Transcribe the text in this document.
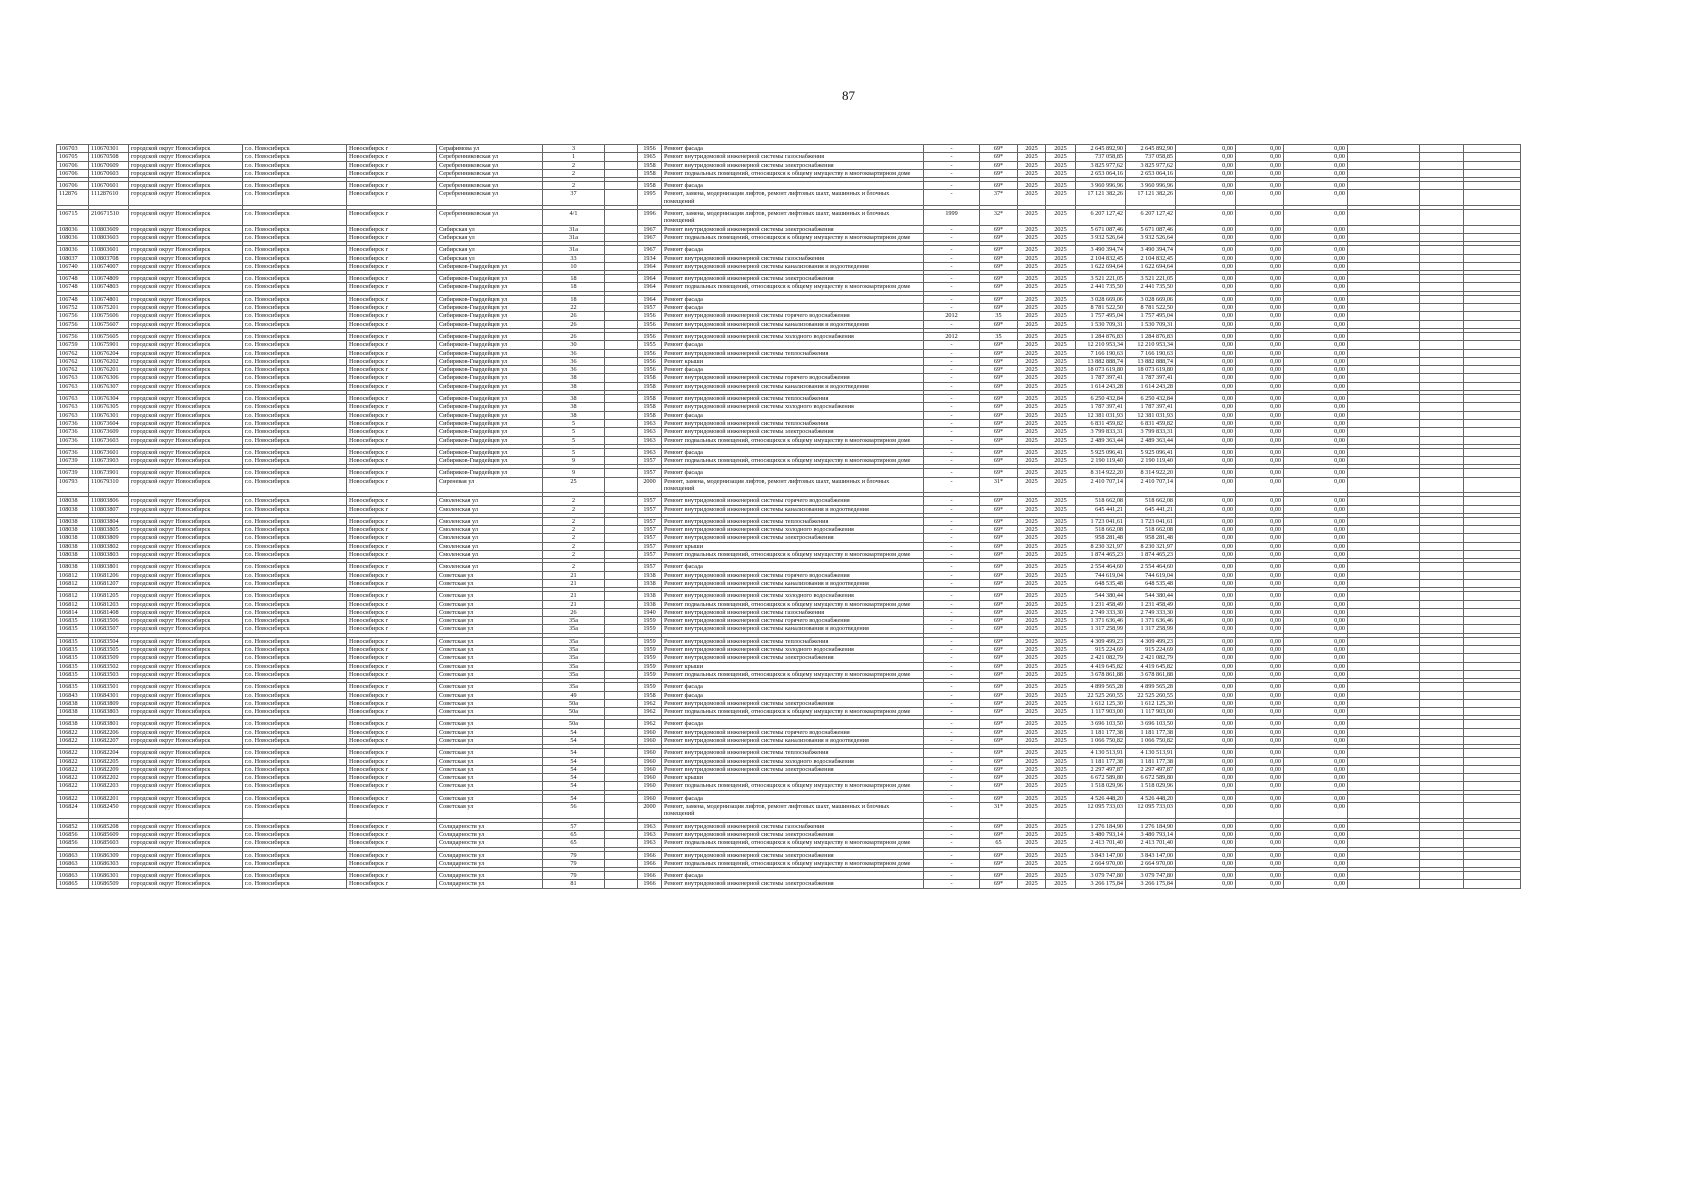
87
106703	110670301	городской округ Новосибирск	г.о. Новосибирск	Новосибирск г	Серафимова ул	3		1956	Ремонт фасада	-	69*	2025	2025	2 645 892,90	2 645 892,90	0,00	0,00	0,00			
106705	110670508	городской округ Новосибирск	г.о. Новосибирск	Новосибирск г	Серебренниковская ул	1		1965	Ремонт внутридомовой инженерной системы газоснабжения	-	69*	2025	2025	737 058,85	737 058,85	0,00	0,00	0,00			
106706	110670609	городской округ Новосибирск	г.о. Новосибирск	Новосибирск г	Серебренниковская ул	2		1958	Ремонт внутридомовой инженерной системы электроснабжения	-	69*	2025	2025	3 825 977,62	3 825 977,62	0,00	0,00	0,00			
106706	110670603	городской округ Новосибирск	г.о. Новосибирск	Новосибирск г	Серебренниковская ул	2		1958	Ремонт подвальных помещений, относящихся к общему имуществу в многоквартирном доме	-	69*	2025	2025	2 653 064,16	2 653 064,16	0,00	0,00	0,00			

106706	110670601	городской округ Новосибирск	г.о. Новосибирск	Новосибирск г	Серебренниковская ул	2		1958	Ремонт фасада	-	69*	2025	2025	3 960 996,96	3 960 996,96	0,00	0,00	0,00			
112876	111287610	городской округ Новосибирск	г.о. Новосибирск	Новосибирск г	Серебренниковская ул	37		1995	Ремонт, замена, модернизация лифтов, ремонт лифтовых шахт, машинных и блочных помещений	-	37*	2025	2025	17 121 382,26	17 121 382,26	0,00	0,00	0,00			

106715	210671510	городской округ Новосибирск	г.о. Новосибирск	Новосибирск г	Серебренниковская ул	4/1		1996	Ремонт, замена, модернизация лифтов, ремонт лифтовых шахт, машинных и блочных помещений	1999	32*	2025	2025	6 207 127,42	6 207 127,42	0,00	0,00	0,00			
108036	110803609	городской округ Новосибирск	г.о. Новосибирск	Новосибирск г	Сибирская ул	31а		1967	Ремонт внутридомовой инженерной системы электроснабжения	-	69*	2025	2025	5 671 087,46	5 671 087,46	0,00	0,00	0,00			
108036	110803603	городской округ Новосибирск	г.о. Новосибирск	Новосибирск г	Сибирская ул	31а		1967	Ремонт подвальных помещений, относящихся к общему имуществу в многоквартирном доме	-	69*	2025	2025	3 932 526,64	3 932 526,64	0,00	0,00	0,00			

108036	110803601	городской округ Новосибирск	г.о. Новосибирск	Новосибирск г	Сибирская ул	31а		1967	Ремонт фасада	-	69*	2025	2025	3 490 394,74	3 490 394,74	0,00	0,00	0,00			
108037	110803708	городской округ Новосибирск	г.о. Новосибирск	Новосибирск г	Сибирская ул	33		1934	Ремонт внутридомовой инженерной системы газоснабжения	-	69*	2025	2025	2 104 832,45	2 104 832,45	0,00	0,00	0,00			
106740	110674007	городской округ Новосибирск	г.о. Новосибирск	Новосибирск г	Сибиряков-Гвардейцев ул	10		1964	Ремонт внутридомовой инженерной системы канализования и водоотведения	-	69*	2025	2025	1 622 694,64	1 622 694,64	0,00	0,00	0,00			

106748	110674809	городской округ Новосибирск	г.о. Новосибирск	Новосибирск г	Сибиряков-Гвардейцев ул	18		1964	Ремонт внутридомовой инженерной системы электроснабжения	-	69*	2025	2025	3 521 221,05	3 521 221,05	0,00	0,00	0,00			
106748	110674803	городской округ Новосибирск	г.о. Новосибирск	Новосибирск г	Сибиряков-Гвардейцев ул	18		1964	Ремонт подвальных помещений, относящихся к общему имуществу в многоквартирном доме	-	69*	2025	2025	2 441 735,50	2 441 735,50	0,00	0,00	0,00			

106748	110674801	городской округ Новосибирск	г.о. Новосибирск	Новосибирск г	Сибиряков-Гвардейцев ул	18		1964	Ремонт фасада	-	69*	2025	2025	3 028 669,06	3 028 669,06	0,00	0,00	0,00			
106752	110675201	городской округ Новосибирск	г.о. Новосибирск	Новосибирск г	Сибиряков-Гвардейцев ул	22		1957	Ремонт фасада	-	69*	2025	2025	8 781 522,50	8 781 522,50	0,00	0,00	0,00			
106756	110675606	городской округ Новосибирск	г.о. Новосибирск	Новосибирск г	Сибиряков-Гвардейцев ул	26		1956	Ремонт внутридомовой инженерной системы горячего водоснабжения	2012	35	2025	2025	1 757 495,04	1 757 495,04	0,00	0,00	0,00			
106756	110675607	городской округ Новосибирск	г.о. Новосибирск	Новосибирск г	Сибиряков-Гвардейцев ул	26		1956	Ремонт внутридомовой инженерной системы канализования и водоотведения	-	69*	2025	2025	1 530 709,31	1 530 709,31	0,00	0,00	0,00			

106756	110675605	городской округ Новосибирск	г.о. Новосибирск	Новосибирск г	Сибиряков-Гвардейцев ул	26		1956	Ремонт внутридомовой инженерной системы холодного водоснабжения	2012	35	2025	2025	1 284 876,83	1 284 876,83	0,00	0,00	0,00			
106759	110675901	городской округ Новосибирск	г.о. Новосибирск	Новосибирск г	Сибиряков-Гвардейцев ул	30		1955	Ремонт фасада	-	69*	2025	2025	12 210 953,34	12 210 953,34	0,00	0,00	0,00			
106762	110676204	городской округ Новосибирск	г.о. Новосибирск	Новосибирск г	Сибиряков-Гвардейцев ул	36		1956	Ремонт внутридомовой инженерной системы теплоснабжения	-	69*	2025	2025	7 166 190,63	7 166 190,63	0,00	0,00	0,00			
106762	110676202	городской округ Новосибирск	г.о. Новосибирск	Новосибирск г	Сибиряков-Гвардейцев ул	36		1956	Ремонт крыши	-	69*	2025	2025	13 882 888,74	13 882 888,74	0,00	0,00	0,00			
106762	110676201	городской округ Новосибирск	г.о. Новосибирск	Новосибирск г	Сибиряков-Гвардейцев ул	36		1956	Ремонт фасада	-	69*	2025	2025	18 073 619,80	18 073 619,80	0,00	0,00	0,00			
106763	110676306	городской округ Новосибирск	г.о. Новосибирск	Новосибирск г	Сибиряков-Гвардейцев ул	38		1958	Ремонт внутридомовой инженерной системы горячего водоснабжения	-	69*	2025	2025	1 787 397,41	1 787 397,41	0,00	0,00	0,00			
106763	110676307	городской округ Новосибирск	г.о. Новосибирск	Новосибирск г	Сибиряков-Гвардейцев ул	38		1958	Ремонт внутридомовой инженерной системы канализования и водоотведения	-	69*	2025	2025	1 614 243,28	1 614 243,28	0,00	0,00	0,00			

106763	110676304	городской округ Новосибирск	г.о. Новосибирск	Новосибирск г	Сибиряков-Гвардейцев ул	38		1958	Ремонт внутридомовой инженерной системы теплоснабжения	-	69*	2025	2025	6 250 432,84	6 250 432,84	0,00	0,00	0,00			
106763	110676305	городской округ Новосибирск	г.о. Новосибирск	Новосибирск г	Сибиряков-Гвардейцев ул	38		1958	Ремонт внутридомовой инженерной системы холодного водоснабжения	-	69*	2025	2025	1 787 397,41	1 787 397,41	0,00	0,00	0,00			
106763	110676301	городской округ Новосибирск	г.о. Новосибирск	Новосибирск г	Сибиряков-Гвардейцев ул	38		1958	Ремонт фасада	-	69*	2025	2025	12 381 031,93	12 381 031,93	0,00	0,00	0,00			
106736	110673604	городской округ Новосибирск	г.о. Новосибирск	Новосибирск г	Сибиряков-Гвардейцев ул	5		1963	Ремонт внутридомовой инженерной системы теплоснабжения	-	69*	2025	2025	6 831 459,82	6 831 459,82	0,00	0,00	0,00			
106736	110673609	городской округ Новосибирск	г.о. Новосибирск	Новосибирск г	Сибиряков-Гвардейцев ул	5		1963	Ремонт внутридомовой инженерной системы электроснабжения	-	69*	2025	2025	3 799 833,31	3 799 833,31	0,00	0,00	0,00			
106736	110673603	городской округ Новосибирск	г.о. Новосибирск	Новосибирск г	Сибиряков-Гвардейцев ул	5		1963	Ремонт подвальных помещений, относящихся к общему имуществу в многоквартирном доме	-	69*	2025	2025	2 489 363,44	2 489 363,44	0,00	0,00	0,00			

106736	110673601	городской округ Новосибирск	г.о. Новосибирск	Новосибирск г	Сибиряков-Гвардейцев ул	5		1963	Ремонт фасада	-	69*	2025	2025	5 925 096,41	5 925 096,41	0,00	0,00	0,00			
106739	110673903	городской округ Новосибирск	г.о. Новосибирск	Новосибирск г	Сибиряков-Гвардейцев ул	9		1957	Ремонт подвальных помещений, относящихся к общему имуществу в многоквартирном доме	-	69*	2025	2025	2 190 119,40	2 190 119,40	0,00	0,00	0,00			

106739	110673901	городской округ Новосибирск	г.о. Новосибирск	Новосибирск г	Сибиряков-Гвардейцев ул	9		1957	Ремонт фасада	-	69*	2025	2025	8 314 922,20	8 314 922,20	0,00	0,00	0,00			
106793	110679310	городской округ Новосибирск	г.о. Новосибирск	Новосибирск г	Сиреневая ул	25		2000	Ремонт, замена, модернизация лифтов, ремонт лифтовых шахт, машинных и блочных помещений	-	31*	2025	2025	2 410 707,14	2 410 707,14	0,00	0,00	0,00			

108038	110803806	городской округ Новосибирск	г.о. Новосибирск	Новосибирск г	Смоленская ул	2		1957	Ремонт внутридомовой инженерной системы горячего водоснабжения	-	69*	2025	2025	518 662,08	518 662,08	0,00	0,00	0,00			
108038	110803807	городской округ Новосибирск	г.о. Новосибирск	Новосибирск г	Смоленская ул	2		1957	Ремонт внутридомовой инженерной системы канализования и водоотведения	-	69*	2025	2025	645 441,21	645 441,21	0,00	0,00	0,00			

108038	110803804	городской округ Новосибирск	г.о. Новосибирск	Новосибирск г	Смоленская ул	2		1957	Ремонт внутридомовой инженерной системы теплоснабжения	-	69*	2025	2025	1 723 041,61	1 723 041,61	0,00	0,00	0,00			
108038	110803805	городской округ Новосибирск	г.о. Новосибирск	Новосибирск г	Смоленская ул	2		1957	Ремонт внутридомовой инженерной системы холодного водоснабжения	-	69*	2025	2025	518 662,08	518 662,08	0,00	0,00	0,00			
108038	110803809	городской округ Новосибирск	г.о. Новосибирск	Новосибирск г	Смоленская ул	2		1957	Ремонт внутридомовой инженерной системы электроснабжения	-	69*	2025	2025	958 281,48	958 281,48	0,00	0,00	0,00			
108038	110803802	городской округ Новосибирск	г.о. Новосибирск	Новосибирск г	Смоленская ул	2		1957	Ремонт крыши	-	69*	2025	2025	8 230 321,97	8 230 321,97	0,00	0,00	0,00			
108038	110803803	городской округ Новосибирск	г.о. Новосибирск	Новосибирск г	Смоленская ул	2		1957	Ремонт подвальных помещений, относящихся к общему имуществу в многоквартирном доме	-	69*	2025	2025	1 874 465,23	1 874 465,23	0,00	0,00	0,00			

108038	110803801	городской округ Новосибирск	г.о. Новосибирск	Новосибирск г	Смоленская ул	2		1957	Ремонт фасада	-	69*	2025	2025	2 554 464,60	2 554 464,60	0,00	0,00	0,00			
106812	110681206	городской округ Новосибирск	г.о. Новосибирск	Новосибирск г	Советская ул	21		1938	Ремонт внутридомовой инженерной системы горячего водоснабжения	-	69*	2025	2025	744 619,04	744 619,04	0,00	0,00	0,00			
106812	110681207	городской округ Новосибирск	г.о. Новосибирск	Новосибирск г	Советская ул	21		1938	Ремонт внутридомовой инженерной системы канализования и водоотведения	-	69*	2025	2025	648 535,48	648 535,48	0,00	0,00	0,00			

106812	110681205	городской округ Новосибирск	г.о. Новосибирск	Новосибирск г	Советская ул	21		1938	Ремонт внутридомовой инженерной системы холодного водоснабжения	-	69*	2025	2025	544 380,44	544 380,44	0,00	0,00	0,00			
106812	110681203	городской округ Новосибирск	г.о. Новосибирск	Новосибирск г	Советская ул	21		1938	Ремонт подвальных помещений, относящихся к общему имуществу в многоквартирном доме	-	69*	2025	2025	1 231 458,49	1 231 458,49	0,00	0,00	0,00			
106814	110681408	городской округ Новосибирск	г.о. Новосибирск	Новосибирск г	Советская ул	26		1940	Ремонт внутридомовой инженерной системы газоснабжения	-	69*	2025	2025	2 749 333,30	2 749 333,30	0,00	0,00	0,00			
106835	110683506	городской округ Новосибирск	г.о. Новосибирск	Новосибирск г	Советская ул	35а		1959	Ремонт внутридомовой инженерной системы горячего водоснабжения	-	69*	2025	2025	1 371 636,46	1 371 636,46	0,00	0,00	0,00			
106835	110683507	городской округ Новосибирск	г.о. Новосибирск	Новосибирск г	Советская ул	35а		1959	Ремонт внутридомовой инженерной системы канализования и водоотведения	-	69*	2025	2025	1 317 258,99	1 317 258,99	0,00	0,00	0,00			

106835	110683504	городской округ Новосибирск	г.о. Новосибирск	Новосибирск г	Советская ул	35а		1959	Ремонт внутридомовой инженерной системы теплоснабжения	-	69*	2025	2025	4 309 499,23	4 309 499,23	0,00	0,00	0,00			
106835	110683505	городской округ Новосибирск	г.о. Новосибирск	Новосибирск г	Советская ул	35а		1959	Ремонт внутридомовой инженерной системы холодного водоснабжения	-	69*	2025	2025	915 224,69	915 224,69	0,00	0,00	0,00			
106835	110683509	городской округ Новосибирск	г.о. Новосибирск	Новосибирск г	Советская ул	35а		1959	Ремонт внутридомовой инженерной системы электроснабжения	-	69*	2025	2025	2 421 082,79	2 421 082,79	0,00	0,00	0,00			
106835	110683502	городской округ Новосибирск	г.о. Новосибирск	Новосибирск г	Советская ул	35а		1959	Ремонт крыши	-	69*	2025	2025	4 419 645,82	4 419 645,82	0,00	0,00	0,00			
106835	110683503	городской округ Новосибирск	г.о. Новосибирск	Новосибирск г	Советская ул	35а		1959	Ремонт подвальных помещений, относящихся к общему имуществу в многоквартирном доме	-	69*	2025	2025	3 678 861,88	3 678 861,88	0,00	0,00	0,00			

106835	110683501	городской округ Новосибирск	г.о. Новосибирск	Новосибирск г	Советская ул	35а		1959	Ремонт фасада	-	69*	2025	2025	4 899 565,28	4 899 565,28	0,00	0,00	0,00			
106843	110684301	городской округ Новосибирск	г.о. Новосибирск	Новосибирск г	Советская ул	49		1958	Ремонт фасада	-	69*	2025	2025	22 525 260,55	22 525 260,55	0,00	0,00	0,00			
106838	110683809	городской округ Новосибирск	г.о. Новосибирск	Новосибирск г	Советская ул	50а		1962	Ремонт внутридомовой инженерной системы электроснабжения	-	69*	2025	2025	1 612 125,30	1 612 125,30	0,00	0,00	0,00			
106838	110683803	городской округ Новосибирск	г.о. Новосибирск	Новосибирск г	Советская ул	50а		1962	Ремонт подвальных помещений, относящихся к общему имуществу в многоквартирном доме	-	69*	2025	2025	1 117 903,00	1 117 903,00	0,00	0,00	0,00			

106838	110683801	городской округ Новосибирск	г.о. Новосибирск	Новосибирск г	Советская ул	50а		1962	Ремонт фасада	-	69*	2025	2025	3 696 103,50	3 696 103,50	0,00	0,00	0,00			
106822	110682206	городской округ Новосибирск	г.о. Новосибирск	Новосибирск г	Советская ул	54		1960	Ремонт внутридомовой инженерной системы горячего водоснабжения	-	69*	2025	2025	1 181 177,38	1 181 177,38	0,00	0,00	0,00			
106822	110682207	городской округ Новосибирск	г.о. Новосибирск	Новосибирск г	Советская ул	54		1960	Ремонт внутридомовой инженерной системы канализования и водоотведения	-	69*	2025	2025	1 066 750,82	1 066 750,82	0,00	0,00	0,00			

106822	110682204	городской округ Новосибирск	г.о. Новосибирск	Новосибирск г	Советская ул	54		1960	Ремонт внутридомовой инженерной системы теплоснабжения	-	69*	2025	2025	4 130 513,91	4 130 513,91	0,00	0,00	0,00			
106822	110682205	городской округ Новосибирск	г.о. Новосибирск	Новосибирск г	Советская ул	54		1960	Ремонт внутридомовой инженерной системы холодного водоснабжения	-	69*	2025	2025	1 181 177,38	1 181 177,38	0,00	0,00	0,00			
106822	110682209	городской округ Новосибирск	г.о. Новосибирск	Новосибирск г	Советская ул	54		1960	Ремонт внутридомовой инженерной системы электроснабжения	-	69*	2025	2025	2 297 497,87	2 297 497,87	0,00	0,00	0,00			
106822	110682202	городской округ Новосибирск	г.о. Новосибирск	Новосибирск г	Советская ул	54		1960	Ремонт крыши	-	69*	2025	2025	6 672 589,80	6 672 589,80	0,00	0,00	0,00			
106822	110682203	городской округ Новосибирск	г.о. Новосибирск	Новосибирск г	Советская ул	54		1960	Ремонт подвальных помещений, относящихся к общему имуществу в многоквартирном доме	-	69*	2025	2025	1 518 029,96	1 518 029,96	0,00	0,00	0,00			

106822	110682201	городской округ Новосибирск	г.о. Новосибирск	Новосибирск г	Советская ул	54		1960	Ремонт фасада	-	69*	2025	2025	4 526 448,20	4 526 448,20	0,00	0,00	0,00			
106824	110682450	городской округ Новосибирск	г.о. Новосибирск	Новосибирск г	Советская ул	56		2000	Ремонт, замена, модернизация лифтов, ремонт лифтовых шахт, машинных и блочных помещений	-	31*	2025	2025	12 095 733,03	12 095 733,03	0,00	0,00	0,00			

106852	110685208	городской округ Новосибирск	г.о. Новосибирск	Новосибирск г	Солидарности ул	57		1963	Ремонт внутридомовой инженерной системы газоснабжения	-	69*	2025	2025	1 276 184,90	1 276 184,90	0,00	0,00	0,00			
106856	110685609	городской округ Новосибирск	г.о. Новосибирск	Новосибирск г	Солидарности ул	65		1963	Ремонт внутридомовой инженерной системы электроснабжения	-	69*	2025	2025	3 480 793,14	3 480 793,14	0,00	0,00	0,00			
106856	110685603	городской округ Новосибирск	г.о. Новосибирск	Новосибирск г	Солидарности ул	65		1963	Ремонт подвальных помещений, относящихся к общему имуществу в многоквартирном доме	-	65	2025	2025	2 413 701,40	2 413 701,40	0,00	0,00	0,00			

106863	110686309	городской округ Новосибирск	г.о. Новосибирск	Новосибирск г	Солидарности ул	79		1966	Ремонт внутридомовой инженерной системы электроснабжения	-	69*	2025	2025	3 843 147,00	3 843 147,00	0,00	0,00	0,00			
106863	110686303	городской округ Новосибирск	г.о. Новосибирск	Новосибирск г	Солидарности ул	79		1966	Ремонт подвальных помещений, относящихся к общему имуществу в многоквартирном доме	-	69*	2025	2025	2 664 970,00	2 664 970,00	0,00	0,00	0,00			

106863	110686301	городской округ Новосибирск	г.о. Новосибирск	Новосибирск г	Солидарности ул	79		1966	Ремонт фасада	-	69*	2025	2025	3 079 747,80	3 079 747,80	0,00	0,00	0,00			
106865	110686509	городской округ Новосибирск	г.о. Новосибирск	Новосибирск г	Солидарности ул	81		1966	Ремонт внутридомовой инженерной системы электроснабжения	-	69*	2025	2025	3 266 175,84	3 266 175,84	0,00	0,00	0,00			
